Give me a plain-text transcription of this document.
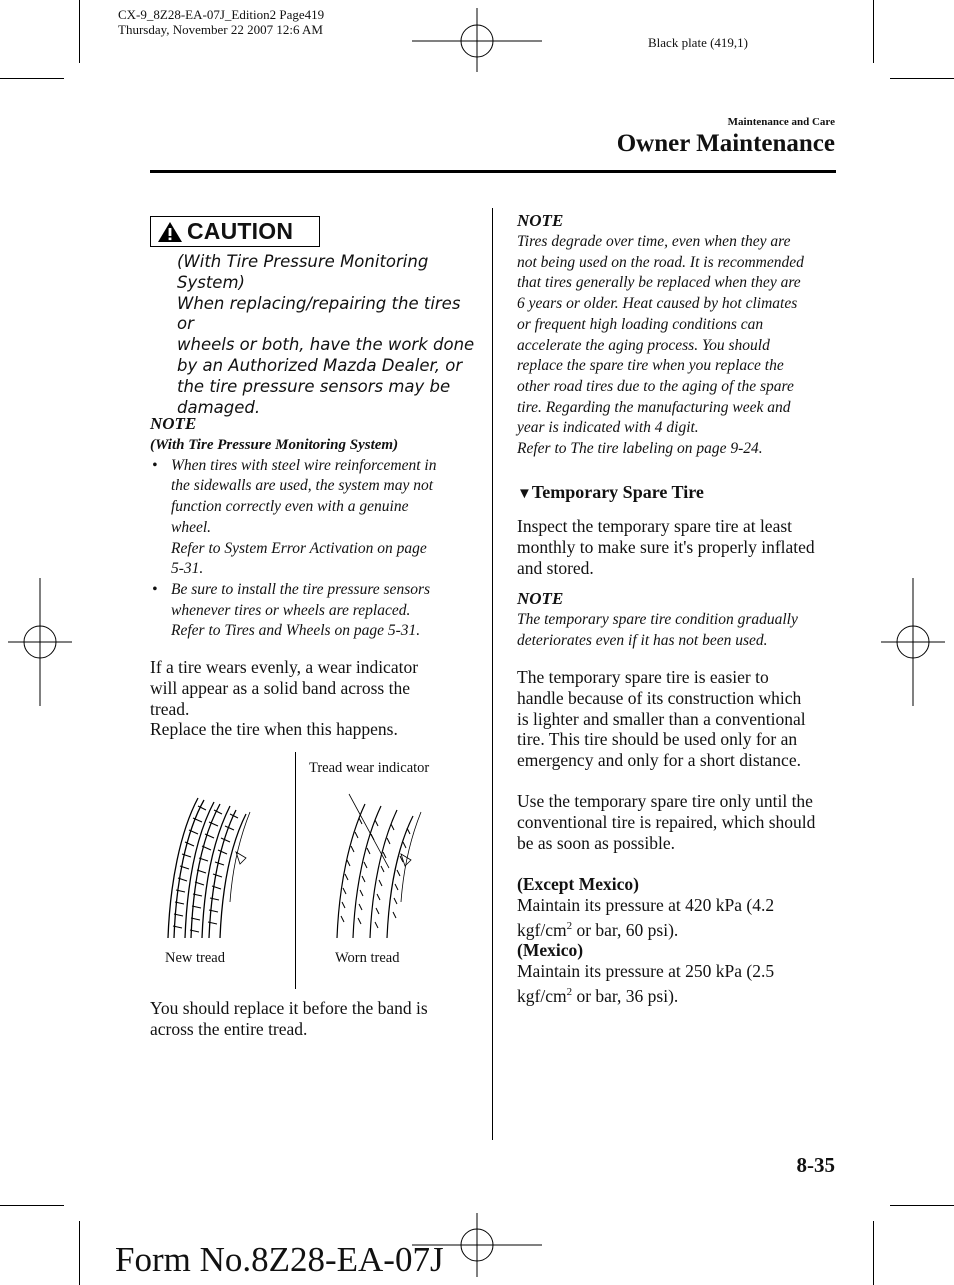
CX-9_8Z28-EA-07J_Edition2 Page419
Thursday, November 22 2007 12:6 AM
Black plate (419,1)
Maintenance and Care
Owner Maintenance
CAUTION
(With Tire Pressure Monitoring
System)
When replacing/repairing the tires or
wheels or both, have the work done
by an Authorized Mazda Dealer, or
the tire pressure sensors may be
damaged.
NOTE
(With Tire Pressure Monitoring System)
• When tires with steel wire reinforcement in
the sidewalls are used, the system may not
function correctly even with a genuine
wheel.
Refer to System Error Activation on page
5-31.
• Be sure to install the tire pressure sensors
whenever tires or wheels are replaced.
Refer to Tires and Wheels on page 5-31.
If a tire wears evenly, a wear indicator
will appear as a solid band across the
tread.
Replace the tire when this happens.
Tread wear indicator
New tread	Worn tread
You should replace it before the band is
across the entire tread.
NOTE
Tires degrade over time, even when they are
not being used on the road. It is recommended
that tires generally be replaced when they are
6 years or older. Heat caused by hot climates
or frequent high loading conditions can
accelerate the aging process. You should
replace the spare tire when you replace the
other road tires due to the aging of the spare
tire. Regarding the manufacturing week and
year is indicated with 4 digit.
Refer to The tire labeling on page 9-24.
▼Temporary Spare Tire
Inspect the temporary spare tire at least
monthly to make sure it's properly inflated
and stored.
NOTE
The temporary spare tire condition gradually
deteriorates even if it has not been used.
The temporary spare tire is easier to
handle because of its construction which
is lighter and smaller than a conventional
tire. This tire should be used only for an
emergency and only for a short distance.
Use the temporary spare tire only until the
conventional tire is repaired, which should
be as soon as possible.
(Except Mexico)
Maintain its pressure at 420 kPa (4.2
kgf/$cm^2$ or bar, 60 psi).
(Mexico)
Maintain its pressure at 250 kPa (2.5
kgf/$cm^2$ or bar, 36 psi).
8-35
Form No.8Z28-EA-07J
